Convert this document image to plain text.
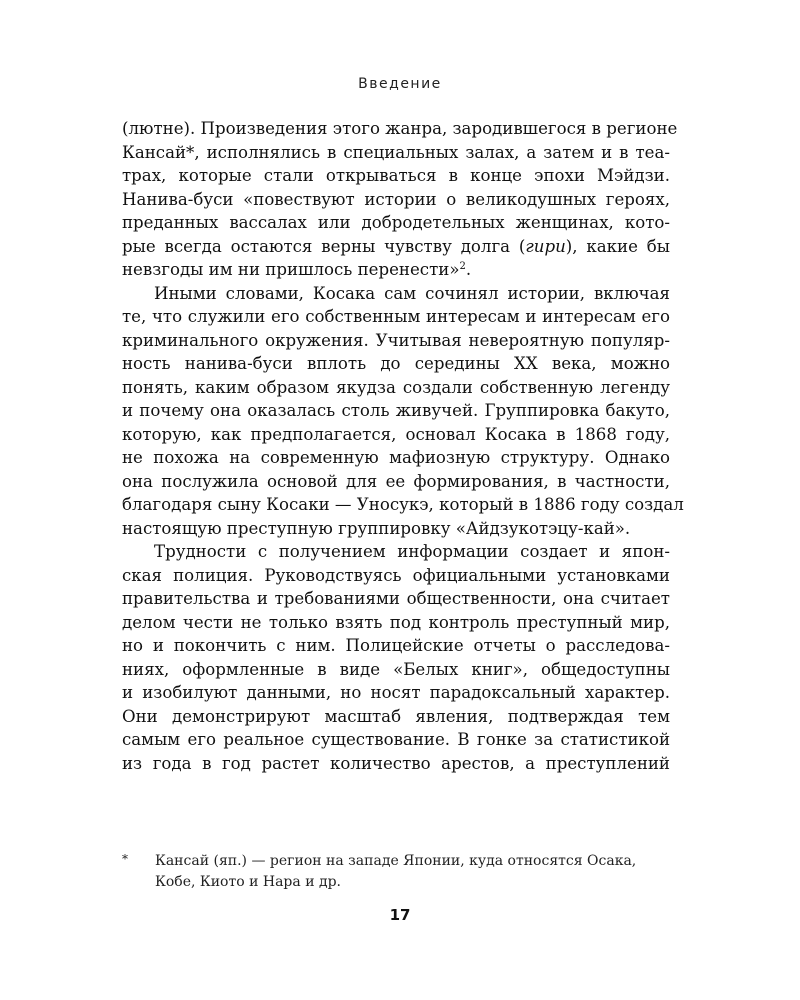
Введение
(лютне). Произведения этого жанра, зародившегося в регионе
Кансай*, исполнялись в специальных залах, а затем и в теа-
трах, которые стали открываться в конце эпохи Мэйдзи.
Нанива-буси «повествуют истории о великодушных героях,
преданных вассалах или добродетельных женщинах, кото-
рые всегда остаются верны чувству долга (гири), какие бы
невзгоды им ни пришлось перенести»$^2$.
Иными словами, Косака сам сочинял истории, включая
те, что служили его собственным интересам и интересам его
криминального окружения. Учитывая невероятную популяр-
ность нанива-буси вплоть до середины XX века, можно
понять, каким образом якудза создали собственную легенду
и почему она оказалась столь живучей. Группировка бакуто,
которую, как предполагается, основал Косака в 1868 году,
не похожа на современную мафиозную структуру. Однако
она послужила основой для ее формирования, в частности,
благодаря сыну Косаки — Уносукэ, который в 1886 году создал
настоящую преступную группировку «Айдзукотэцу-кай».
Трудности с получением информации создает и япон-
ская полиция. Руководствуясь официальными установками
правительства и требованиями общественности, она считает
делом чести не только взять под контроль преступный мир,
но и покончить с ним. Полицейские отчеты о расследова-
ниях, оформленные в виде «Белых книг», общедоступны
и изобилуют данными, но носят парадоксальный характер.
Они демонстрируют масштаб явления, подтверждая тем
самым его реальное существование. В гонке за статистикой
из года в год растет количество арестов, а преступлений
* Кансай (яп.) — регион на западе Японии, куда относятся Осака,
Кобе, Киото и Нара и др.
17
